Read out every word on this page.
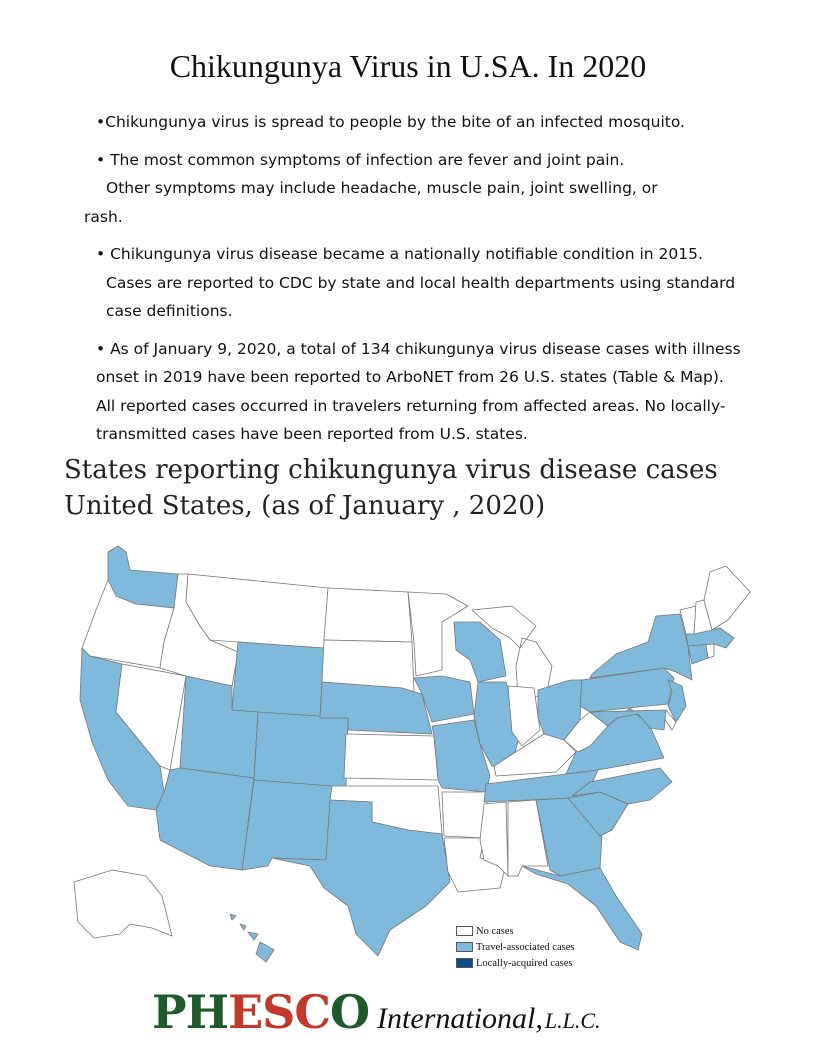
Chikungunya Virus in U.SA. In 2020

•Chikungunya virus is spread to people by the bite of an infected mosquito.

• The most common symptoms of infection are fever and joint pain.
Other symptoms may include headache, muscle pain, joint swelling, or
rash.

• Chikungunya virus disease became a nationally notifiable condition in 2015.
Cases are reported to CDC by state and local health departments using standard
case definitions.

• As of January 9, 2020, a total of 134 chikungunya virus disease cases with illness
onset in 2019 have been reported to ArboNET from 26 U.S. states (Table & Map).
All reported cases occurred in travelers returning from affected areas. No locally-
transmitted cases have been reported from U.S. states.

States reporting chikungunya virus disease cases
United States, (as of January , 2020)
No cases
Travel-associated cases
Locally-acquired cases
PHESCO International, L.L.C.
